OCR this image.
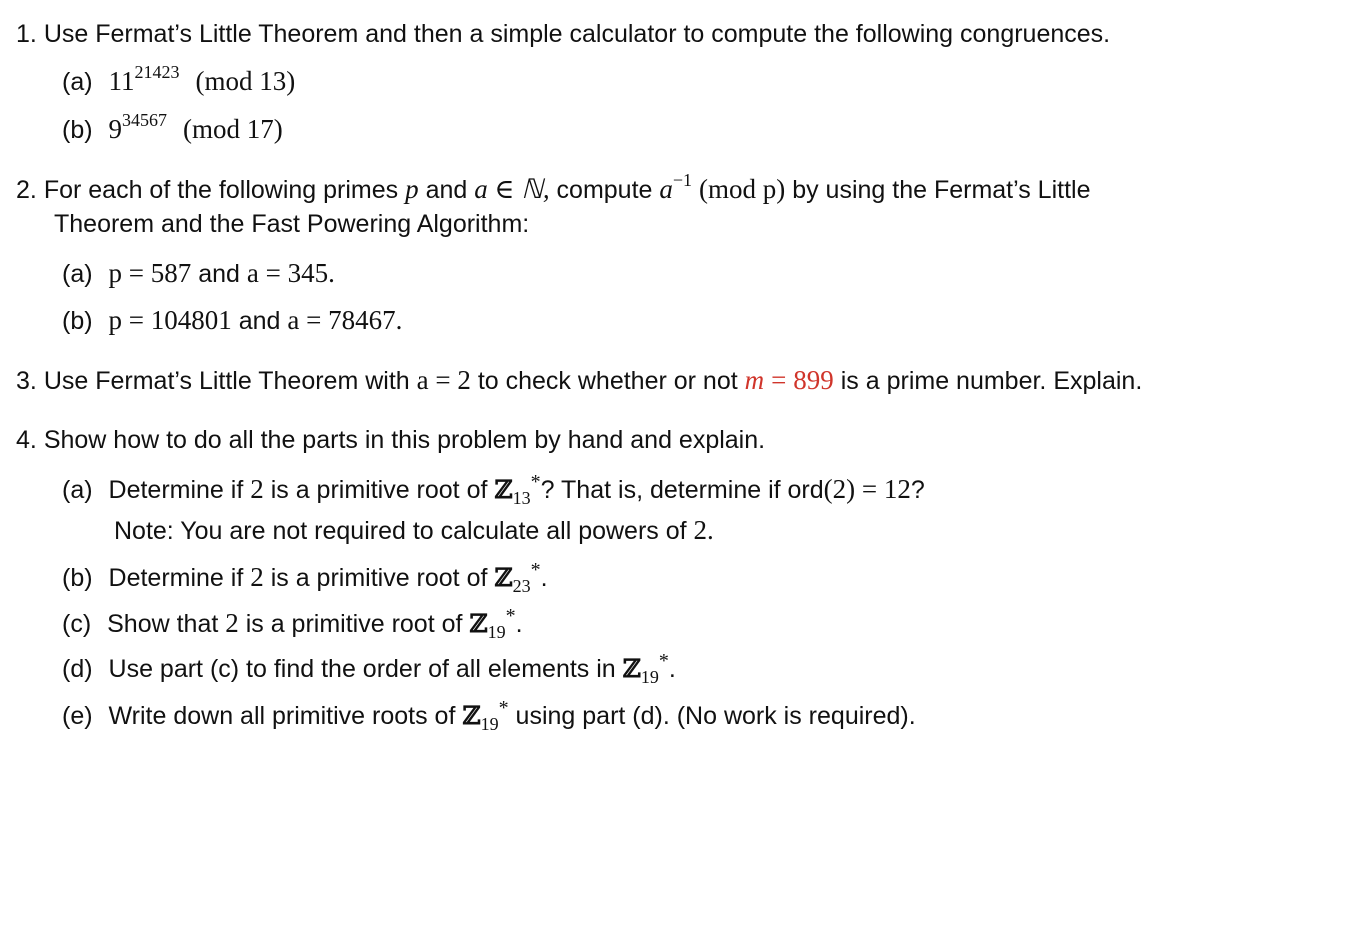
1. Use Fermat’s Little Theorem and then a simple calculator to compute the following congruences.
(a) $11^{21423}$ (mod 13)
(b) $9^{34567}$ (mod 17)
2. For each of the following primes p and a ∈ ℕ, compute $a^{-1}$ (mod p) by using the Fermat’s Little
Theorem and the Fast Powering Algorithm:
(a) p = 587 and a = 345.
(b) p = 104801 and a = 78467.
3. Use Fermat’s Little Theorem with a = 2 to check whether or not m = 899 is a prime number. Explain.
4. Show how to do all the parts in this problem by hand and explain.
(a) Determine if 2 is a primitive root of ℤ$_{13}$*? That is, determine if ord(2) = 12?
Note: You are not required to calculate all powers of 2.
(b) Determine if 2 is a primitive root of ℤ$_{23}$*.
(c) Show that 2 is a primitive root of ℤ$_{19}$*.
(d) Use part (c) to find the order of all elements in ℤ$_{19}$*.
(e) Write down all primitive roots of ℤ$_{19}$* using part (d). (No work is required).
